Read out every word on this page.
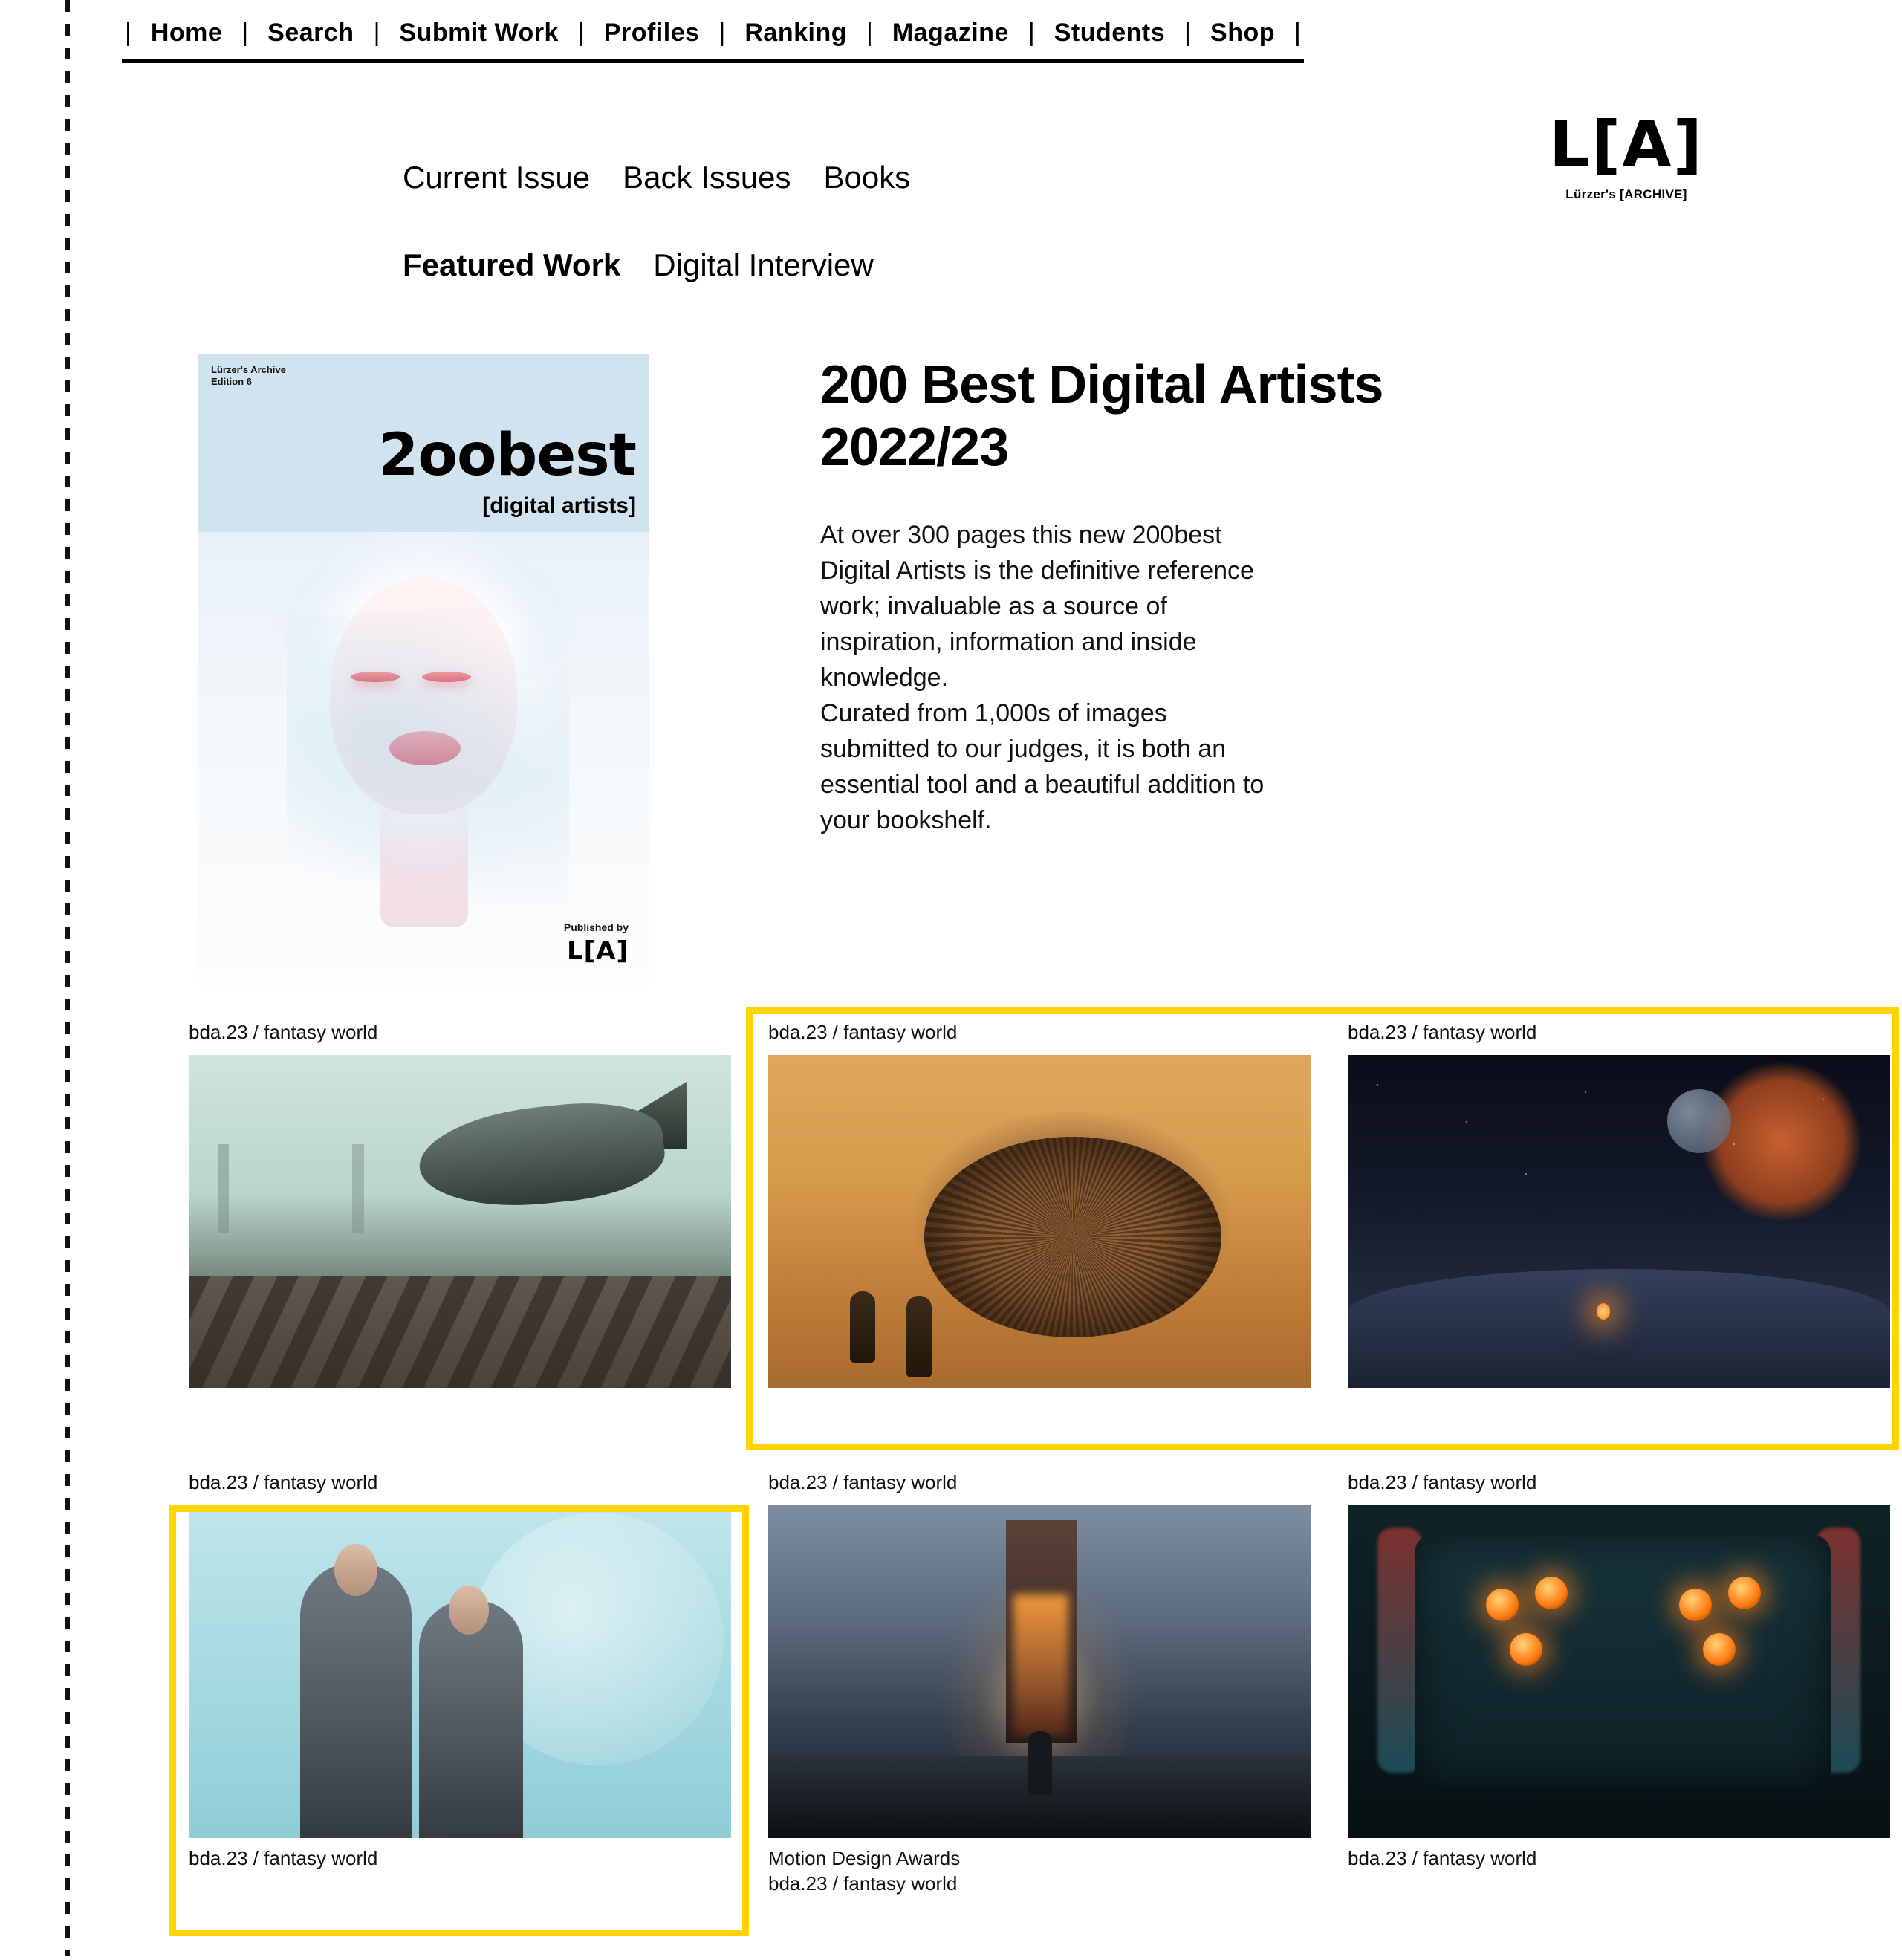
| Home | Search | Submit Work | Profiles | Ranking | Magazine | Students | Shop |
L[A]
Lürzer's [ARCHIVE]
Current Issue Back Issues Books
Featured Work Digital Interview
Lürzer's Archive
Edition 6
2oobest
[digital artists]
Published by
L[A]
200 Best Digital Artists 2022/23

At over 300 pages this new 200best Digital Artists is the definitive reference work; invaluable as a source of inspiration, information and inside knowledge.

Curated from 1,000s of images submitted to our judges, it is both an essential tool and a beautiful addition to your bookshelf.

bda.23 / fantasy world	bda.23 / fantasy world	bda.23 / fantasy world
bda.23 / fantasy world
bda.23 / fantasy world
bda.23 / fantasy world
Motion Design Awards
bda.23 / fantasy world
bda.23 / fantasy world
bda.23 / fantasy world
